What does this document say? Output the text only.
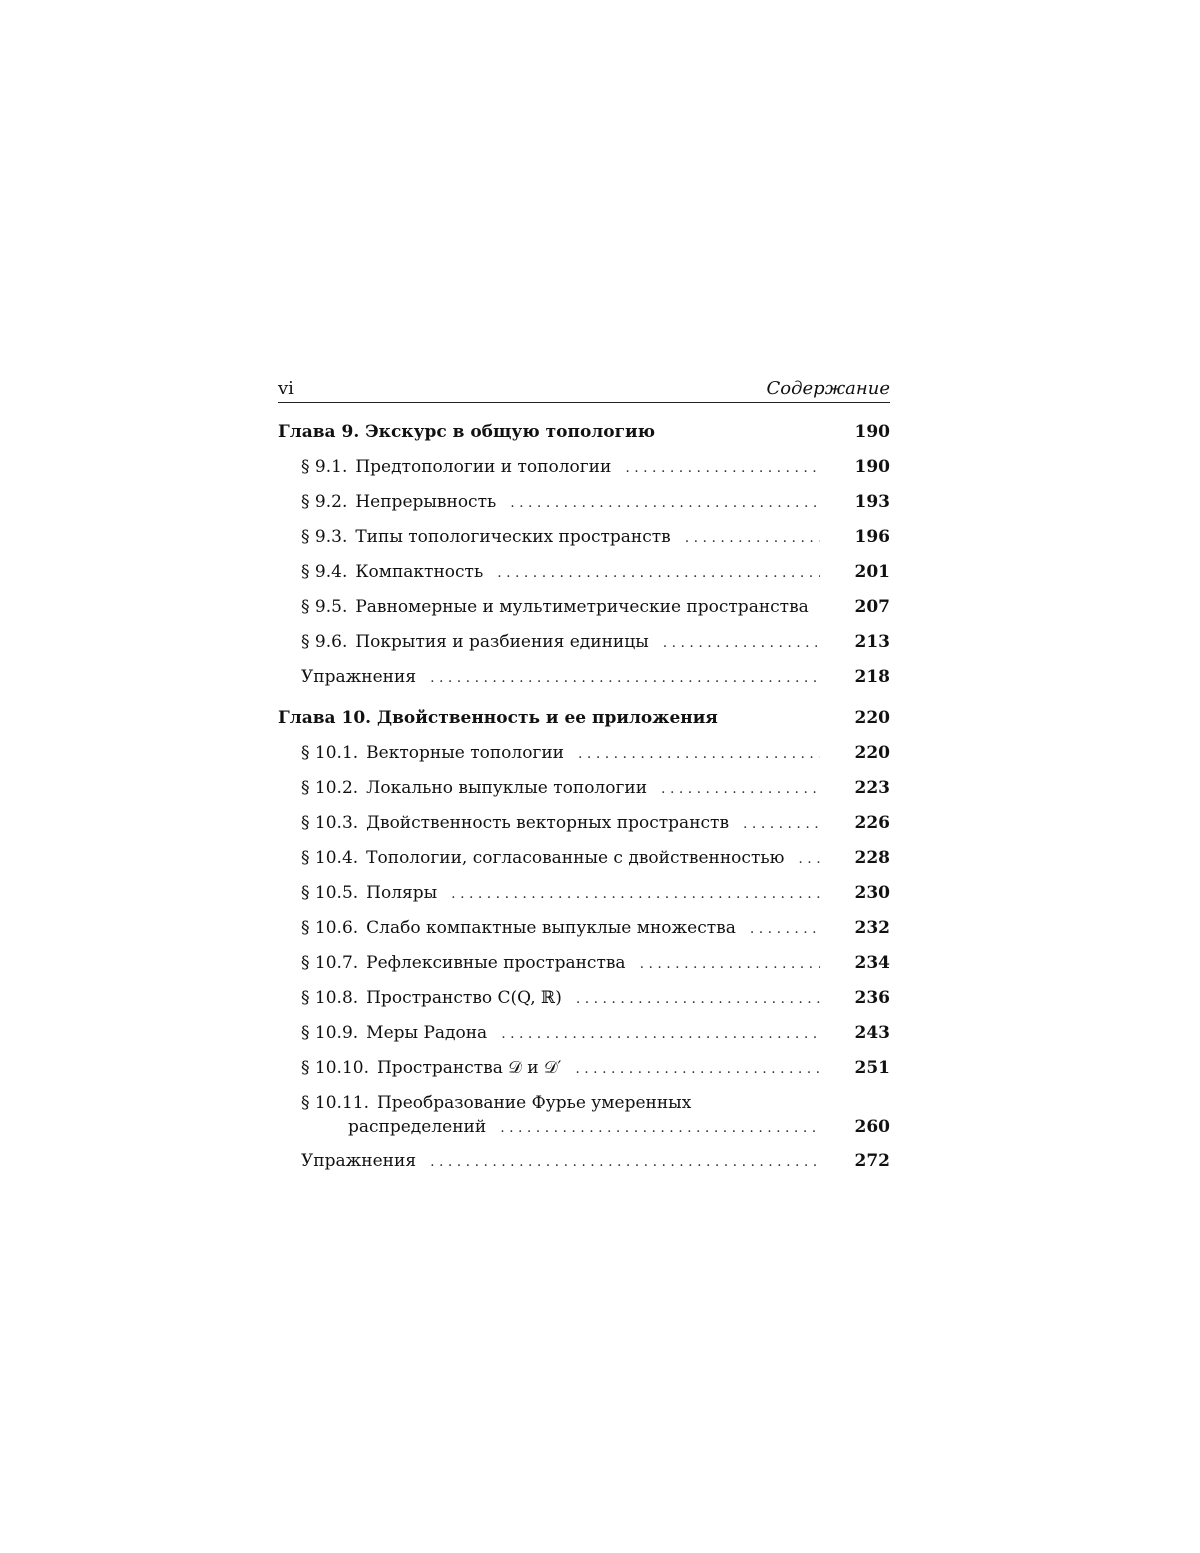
vi	Содержание
Глава 9. Экскурс в общую топологию	190
§ 9.1. Предтопологии и топологии . . .	190
§ 9.2. Непрерывность . . .	193
§ 9.3. Типы топологических пространств . . .	196
§ 9.4. Компактность . . .	201
§ 9.5. Равномерные и мультиметрические пространства	207
§ 9.6. Покрытия и разбиения единицы . . .	213
Упражнения . . .	218
Глава 10. Двойственность и ее приложения	220
§ 10.1. Векторные топологии . . .	220
§ 10.2. Локально выпуклые топологии . . .	223
§ 10.3. Двойственность векторных пространств . . .	226
§ 10.4. Топологии, согласованные с двойственностью . . .	228
§ 10.5. Поляры . . .	230
§ 10.6. Слабо компактные выпуклые множества . . .	232
§ 10.7. Рефлексивные пространства . . .	234
§ 10.8. Пространство C(Q, ℝ) . . .	236
§ 10.9. Меры Радона . . .	243
§ 10.10. Пространства 𝒟 и 𝒟′ . . .	251
§ 10.11. Преобразование Фурье умеренных
распределений . . .	260
Упражнения . . .	272
